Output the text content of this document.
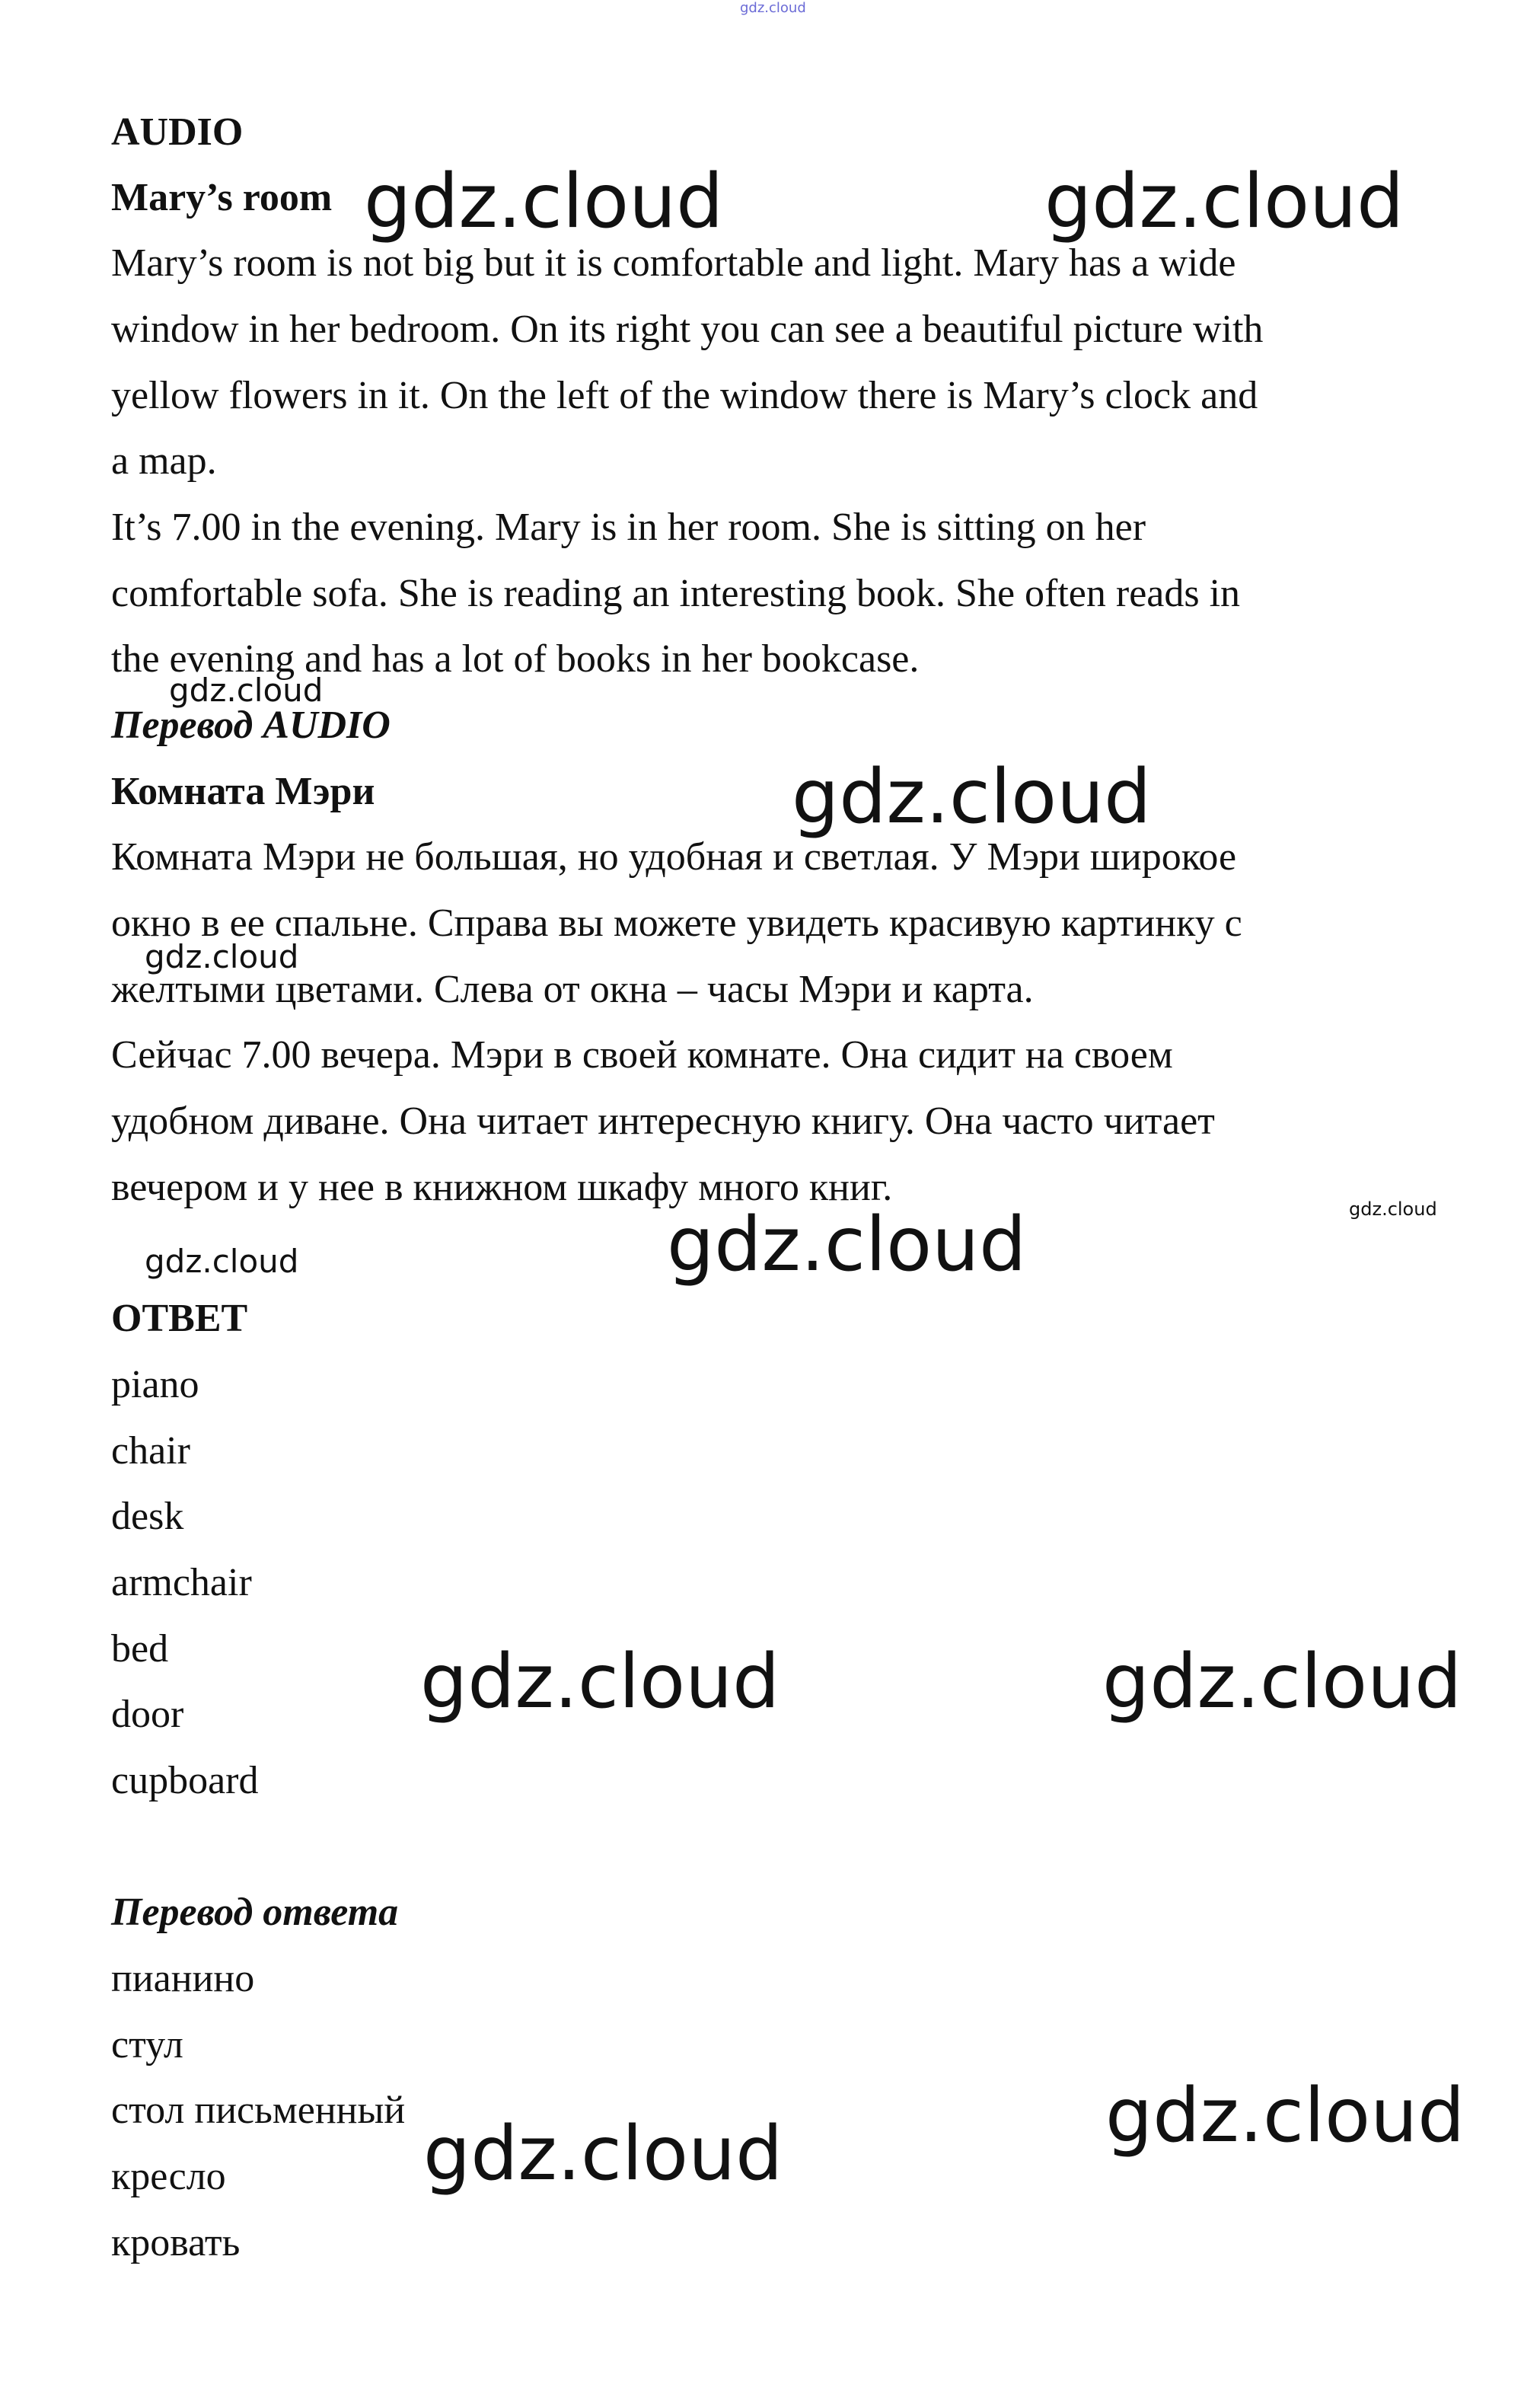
gdz.cloud
AUDIO
Mary’s room
Mary’s room is not big but it is comfortable and light. Mary has a wide
window in her bedroom. On its right you can see a beautiful picture with
yellow flowers in it. On the left of the window there is Mary’s clock and
a map.
It’s 7.00 in the evening. Mary is in her room. She is sitting on her
comfortable sofa. She is reading an interesting book. She often reads in
the evening and has a lot of books in her bookcase.
Перевод AUDIO
Комната Мэри
Комната Мэри не большая, но удобная и светлая. У Мэри широкое
окно в ее спальне. Справа вы можете увидеть красивую картинку с
желтыми цветами. Слева от окна – часы Мэри и карта.
Сейчас 7.00 вечера. Мэри в своей комнате. Она сидит на своем
удобном диване. Она читает интересную книгу. Она часто читает
вечером и у нее в книжном шкафу много книг.
ОТВЕТ
piano
chair
desk
armchair
bed
door
cupboard
Перевод ответа
пианино
стул
стол письменный
кресло
кровать
gdz.cloud	gdz.cloud
gdz.cloud
gdz.cloud
gdz.cloud
gdz.cloud
gdz.cloud
gdz.cloud
gdz.cloud	gdz.cloud
gdz.cloud
gdz.cloud
